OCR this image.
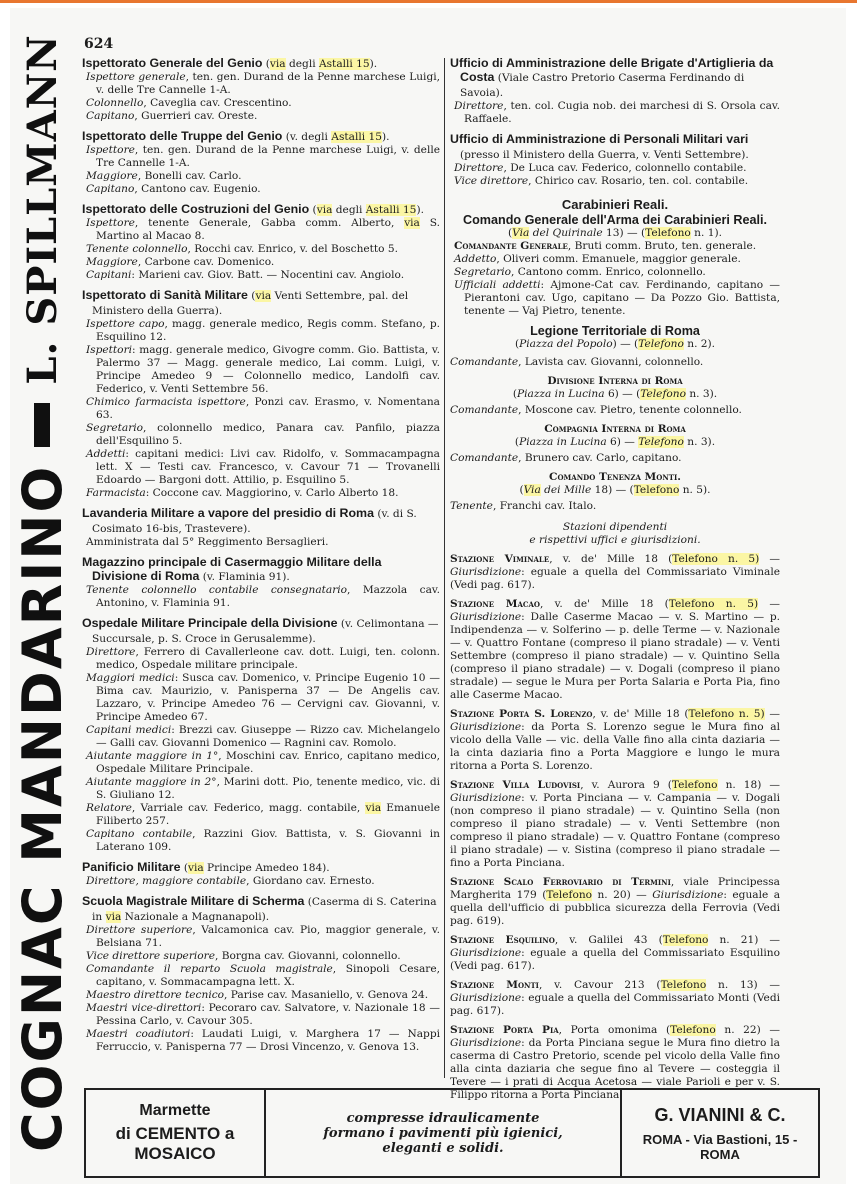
COGNAC MANDARINO
L. SPILLMANN 624
Ispettorato Generale del Genio (via degli Astalli 15).
Ispettore generale, ten. gen. Durand de la Penne marchese Luigi, v. delle Tre Cannelle 1-A.
Colonnello, Caveglia cav. Crescentino.
Capitano, Guerrieri cav. Oreste.
Ispettorato delle Truppe del Genio (v. degli Astalli 15).
Ispettore, ten. gen. Durand de la Penne marchese Luigi, v. delle Tre Cannelle 1-A.
Maggiore, Bonelli cav. Carlo.
Capitano, Cantono cav. Eugenio.
Ispettorato delle Costruzioni del Genio (via degli Astalli 15).
Ispettore, tenente Generale, Gabba comm. Alberto, via S. Martino al Macao 8.
Tenente colonnello, Rocchi cav. Enrico, v. del Boschetto 5.
Maggiore, Carbone cav. Domenico.
Capitani: Marieni cav. Giov. Batt. — Nocentini cav. Angiolo.
Ispettorato di Sanità Militare (via Venti Settembre, pal. del Ministero della Guerra).
Ispettore capo, magg. generale medico, Regis comm. Stefano, p. Esquilino 12.
Ispettori: magg. generale medico, Givogre comm. Gio. Battista, v. Palermo 37 — Magg. generale medico, Lai comm. Luigi, v. Principe Amedeo 9 — Colonnello medico, Landolfi cav. Federico, v. Venti Settembre 56.
Chimico farmacista ispettore, Ponzi cav. Erasmo, v. Nomentana 63.
Segretario, colonnello medico, Panara cav. Panfilo, piazza dell'Esquilino 5.
Addetti: capitani medici: Livi cav. Ridolfo, v. Sommacampagna lett. X — Testi cav. Francesco, v. Cavour 71 — Trovanelli Edoardo — Bargoni dott. Attilio, p. Esquilino 5.
Farmacista: Coccone cav. Maggiorino, v. Carlo Alberto 18.
Lavanderia Militare a vapore del presidio di Roma (v. di S. Cosimato 16-bis, Trastevere).
Amministrata dal 5° Reggimento Bersaglieri.
Magazzino principale di Casermaggio Militare della Divisione di Roma (v. Flaminia 91).
Tenente colonnello contabile consegnatario, Mazzola cav. Antonino, v. Flaminia 91.
Ospedale Militare Principale della Divisione (v. Celimontana — Succursale, p. S. Croce in Gerusalemme).
Direttore, Ferrero di Cavallerleone cav. dott. Luigi, ten. colonn. medico, Ospedale militare principale.
Maggiori medici: Susca cav. Domenico, v. Principe Eugenio 10 — Bima cav. Maurizio, v. Panisperna 37 — De Angelis cav. Lazzaro, v. Principe Amedeo 76 — Cervigni cav. Giovanni, v. Principe Amedeo 67.
Capitani medici: Brezzi cav. Giuseppe — Rizzo cav. Michelangelo — Galli cav. Giovanni Domenico — Ragnini cav. Romolo.
Aiutante maggiore in 1°, Moschini cav. Enrico, capitano medico, Ospedale Militare Principale.
Aiutante maggiore in 2°, Marini dott. Pio, tenente medico, vic. di S. Giuliano 12.
Relatore, Varriale cav. Federico, magg. contabile, via Emanuele Filiberto 257.
Capitano contabile, Razzini Giov. Battista, v. S. Giovanni in Laterano 109.
Panificio Militare (via Principe Amedeo 184).
Direttore, maggiore contabile, Giordano cav. Ernesto.
Scuola Magistrale Militare di Scherma (Caserma di S. Caterina in via Nazionale a Magnanapoli).
Direttore superiore, Valcamonica cav. Pio, maggior generale, v. Belsiana 71.
Vice direttore superiore, Borgna cav. Giovanni, colonnello.
Comandante il reparto Scuola magistrale, Sinopoli Cesare, capitano, v. Sommacampagna lett. X.
Maestro direttore tecnico, Parise cav. Masaniello, v. Genova 24.
Maestri vice-direttori: Pecoraro cav. Salvatore, v. Nazionale 18 — Pessina Carlo, v. Cavour 305.
Maestri coadiutori: Laudati Luigi, v. Marghera 17 — Nappi Ferruccio, v. Panisperna 77 — Drosi Vincenzo, v. Genova 13.
Ufficio di Amministrazione delle Brigate d'Artiglieria da Costa (Viale Castro Pretorio Caserma Ferdinando di Savoia).
Direttore, ten. col. Cugia nob. dei marchesi di S. Orsola cav. Raffaele.
Ufficio di Amministrazione di Personali Militari vari (presso il Ministero della Guerra, v. Venti Settembre).
Direttore, De Luca cav. Federico, colonnello contabile.
Vice direttore, Chirico cav. Rosario, ten. col. contabile.
Carabinieri Reali.
Comando Generale dell'Arma dei Carabinieri Reali.
(Via del Quirinale 13) — (Telefono n. 1).
Comandante Generale, Bruti comm. Bruto, ten. generale.
Addetto, Oliveri comm. Emanuele, maggior generale.
Segretario, Cantono comm. Enrico, colonnello.
Ufficiali addetti: Ajmone-Cat cav. Ferdinando, capitano — Pierantoni cav. Ugo, capitano — Da Pozzo Gio. Battista, tenente — Vaj Pietro, tenente.
Legione Territoriale di Roma
(Piazza del Popolo) — (Telefono n. 2).
Comandante, Lavista cav. Giovanni, colonnello.
Divisione Interna di Roma
(Piazza in Lucina 6) — (Telefono n. 3).
Comandante, Moscone cav. Pietro, tenente colonnello.
Compagnia Interna di Roma
(Piazza in Lucina 6) — Telefono n. 3).
Comandante, Brunero cav. Carlo, capitano.
Comando Tenenza Monti.
(Via dei Mille 18) — (Telefono n. 5).
Tenente, Franchi cav. Italo.
Stazioni dipendenti
e rispettivi uffici e giurisdizioni.
Stazione Viminale, v. de' Mille 18 (Telefono n. 5) — Giurisdizione: eguale a quella del Commissariato Viminale (Vedi pag. 617).
Stazione Macao, v. de' Mille 18 (Telefono n. 5) — Giurisdizione: Dalle Caserme Macao — v. S. Martino — p. Indipendenza — v. Solferino — p. delle Terme — v. Nazionale — v. Quattro Fontane (compreso il piano stradale) — v. Venti Settembre (compreso il piano stradale) — v. Quintino Sella (compreso il piano stradale) — v. Dogali (compreso il piano stradale) — segue le Mura per Porta Salaria e Porta Pia, fino alle Caserme Macao.
Stazione Porta S. Lorenzo, v. de' Mille 18 (Telefono n. 5) — Giurisdizione: da Porta S. Lorenzo segue le Mura fino al vicolo della Valle — vic. della Valle fino alla cinta daziaria — la cinta daziaria fino a Porta Maggiore e lungo le mura ritorna a Porta S. Lorenzo.
Stazione Villa Ludovisi, v. Aurora 9 (Telefono n. 18) — Giurisdizione: v. Porta Pinciana — v. Campania — v. Dogali (non compreso il piano stradale) — v. Quintino Sella (non compreso il piano stradale) — v. Venti Settembre (non compreso il piano stradale) — v. Quattro Fontane (compreso il piano stradale) — v. Sistina (compreso il piano stradale — fino a Porta Pinciana.
Stazione Scalo Ferroviario di Termini, viale Principessa Margherita 179 (Telefono n. 20) — Giurisdizione: eguale a quella dell'ufficio di pubblica sicurezza della Ferrovia (Vedi pag. 619).
Stazione Esquilino, v. Galilei 43 (Telefono n. 21) — Giurisdizione: eguale a quella del Commissariato Esquilino (Vedi pag. 617).
Stazione Monti, v. Cavour 213 (Telefono n. 13) — Giurisdizione: eguale a quella del Commissariato Monti (Vedi pag. 617).
Stazione Porta Pia, Porta omonima (Telefono n. 22) — Giurisdizione: da Porta Pinciana segue le Mura fino dietro la caserma di Castro Pretorio, scende pel vicolo della Valle fino alla cinta daziaria che segue fino al Tevere — costeggia il Tevere — i prati di Acqua Acetosa — viale Parioli e per v. S. Filippo ritorna a Porta Pinciana.
Marmette
di CEMENTO a MOSAICO
compresse idraulicamente
formano i pavimenti più igienici,
eleganti e solidi.
G. VIANINI & C.
ROMA - Via Bastioni, 15 - ROMA
